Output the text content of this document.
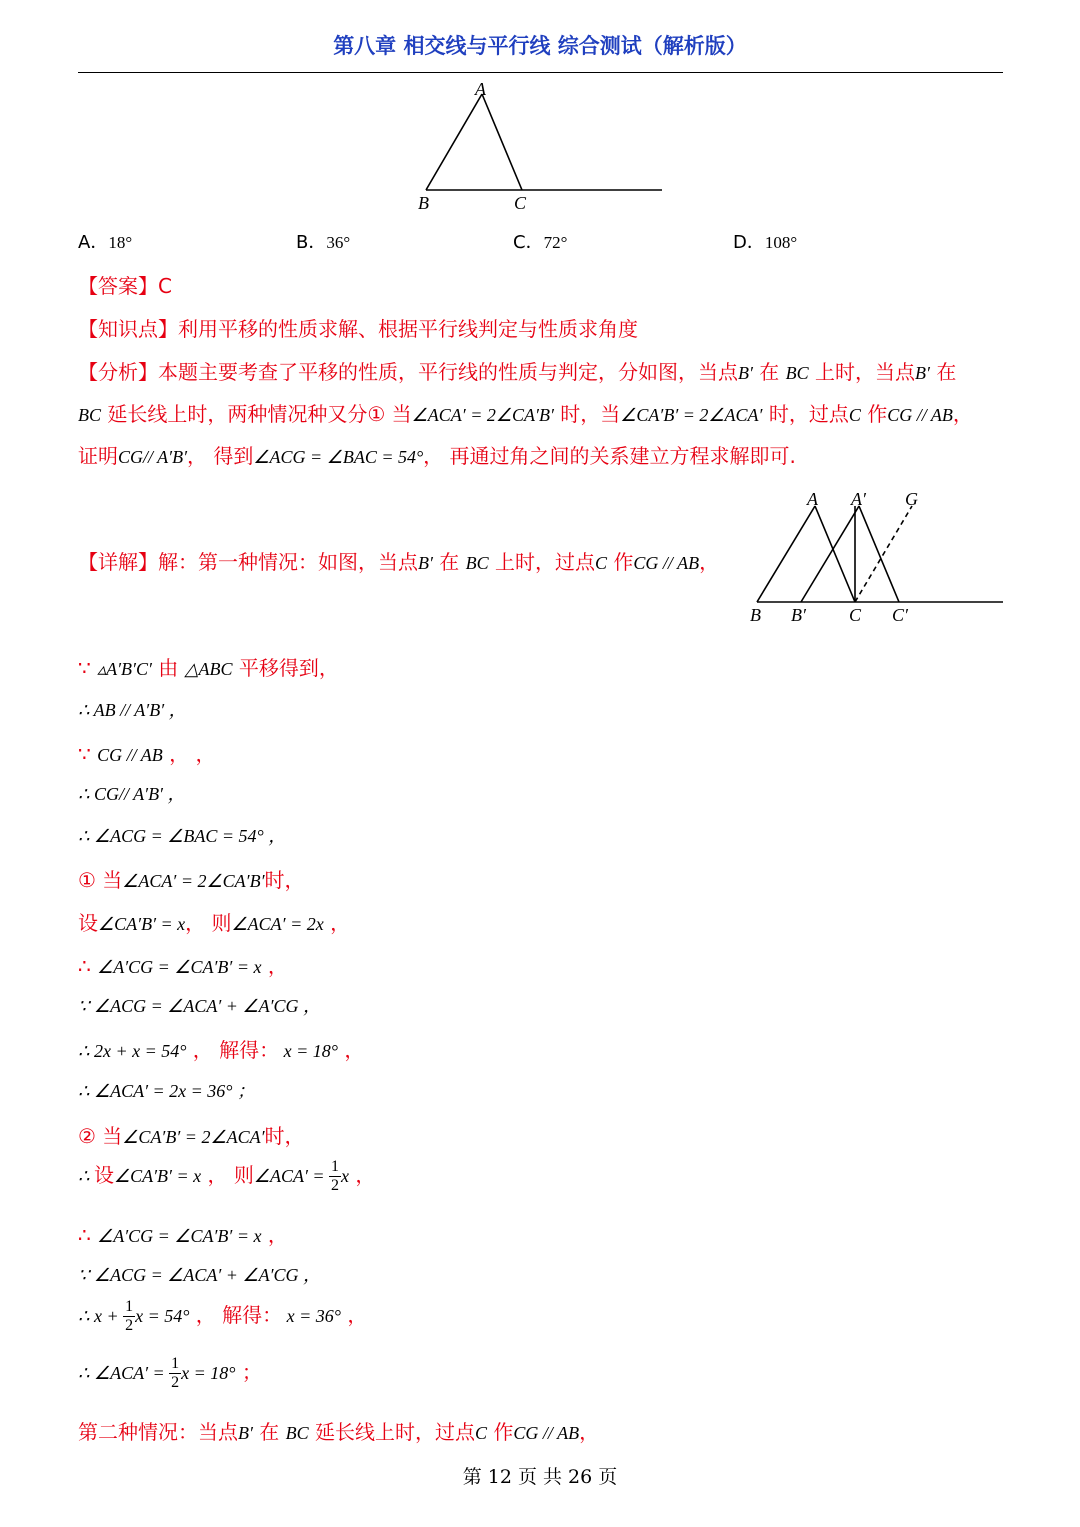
第八章 相交线与平行线 综合测试（解析版）
A
B	C
A．18°	B．36°	C．72°	D．108°
【答案】C
【知识点】利用平移的性质求解、根据平行线判定与性质求角度
【分析】本题主要考查了平移的性质，平行线的性质与判定，分如图，当点B′ 在 BC 上时，当点B′ 在
BC 延长线上时，两种情况种又分① 当∠ACA′ = 2∠CA′B′ 时，当∠CA′B′ = 2∠ACA′ 时，过点C 作CG // AB，
证明CG// A′B′， 得到∠ACG = ∠BAC = 54°， 再通过角之间的关系建立方程求解即可.
【详解】解：第一种情况：如图，当点B′ 在 BC 上时，过点C 作CG // AB，
A A′ G
B B′ C C′
∵ ▵A′B′C′ 由 △ABC 平移得到，
∴ AB // A′B′ ，
∵ CG // AB ， ，
∴ CG// A′B′ ，
∴ ∠ACG = ∠BAC = 54° ，
① 当∠ACA′ = 2∠CA′B′时，
设∠CA′B′ = x， 则∠ACA′ = 2x ，
∴ ∠A′CG = ∠CA′B′ = x ，
∵ ∠ACG = ∠ACA′ + ∠A′CG ，
∴ 2x + x = 54° ， 解得： x = 18° ，
∴ ∠ACA′ = 2x = 36° ；
② 当∠CA′B′ = 2∠ACA′时，
∴ 设∠CA′B′ = x ， 则∠ACA′ = $\frac{1}{2}$ x ，
∴ ∠A′CG = ∠CA′B′ = x ，
∵ ∠ACG = ∠ACA′ + ∠A′CG ，
∴ $x + \frac{1}{2}$ x = 54° ， 解得： x = 36° ，
∴ ∠ACA′ = $\frac{1}{2}$ x = 18° ；
第二种情况：当点B′ 在 BC 延长线上时，过点C 作CG // AB，
第 12 页 共 26 页
